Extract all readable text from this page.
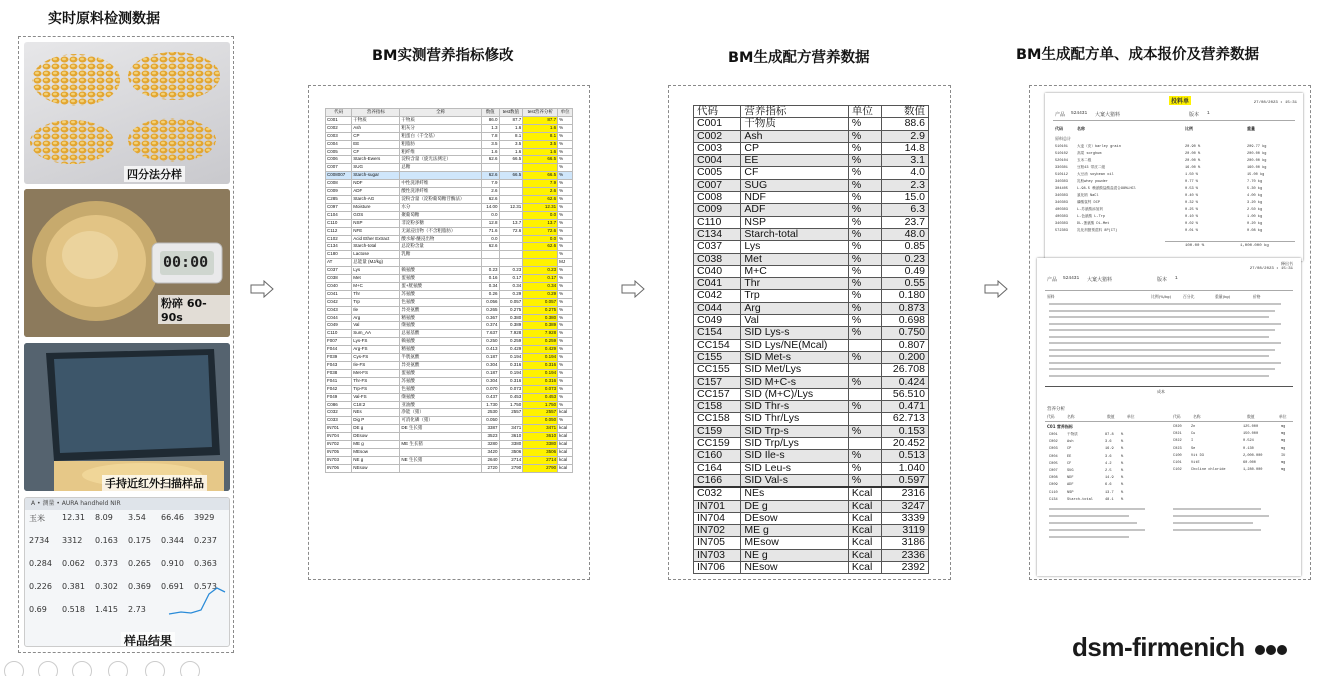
实时原料检测数据
BM实测营养指标修改	BM生成配方营养数据	BM生成配方单、成本报价及营养数据
四分法分样
00:00
粉碎 60-90s
手持近红外扫描样品
A • 测量 • AURA handheld NIR
玉米 12.31 8.09 3.54 66.46 3929
2734 3312 0.163 0.175 0.344 0.237
0.284 0.062 0.373 0.265 0.910 0.363
0.226 0.381 0.302 0.369 0.691 0.573
0.69 0.518 1.415 2.73
样品结果
代码	营养指标	全称	数值	test数值	test营养分析	单位
C001	干物质	干物质	86.0	87.7	87.7	%
C002	Ash	粗灰分	1.3	1.6	1.6	%
C003	CP	粗蛋白（千全基）	7.8	8.1	8.1	%
C004	EE	粗脂肪	3.5	3.5	3.5	%
C005	CF	粗纤维	1.6	1.6	1.6	%
C006	Starch-Ewers	淀粉含量（旋光法测定）	62.6	66.5	66.5	%
C007	SUG	总糖				%
C008007	Starch-sugar		62.6	66.5	66.5	%
C008	NDF	中性洗涤纤维	7.9		7.9	%
C009	ADF	酸性洗涤纤维	2.6		2.6	%
C285	Starch-AG	淀粉含量（淀粉葡萄糖苷酶法）	62.6		62.6	%
C097	Moisture	水分	14.00	12.31	12.31	%
C104	GOS	聚葡萄糖	0.0		0.0	%
C110	NSP	非淀粉多糖	12.8	13.7	13.7	%
C112	NFE	无氮浸出物（不含粗脂肪）	71.6	72.6	72.6	%
C102	Acid Ether Extract	酸水解-醚浸出物	0.0		0.0	%
C134	Starch-total	总淀粉含量	62.6		62.6	%
C180	Lactose	乳糖				%
AT	总能量 (MJ/kg)					MJ
C037	Lys	赖氨酸	0.23	0.23	0.23	%
C038	Met	蛋氨酸	0.16	0.17	0.17	%
C040	M+C	蛋+胱氨酸	0.34	0.34	0.34	%
C041	Thr	苏氨酸	0.26	0.29	0.29	%
C042	Trp	色氨酸	0.056	0.057	0.057	%
C043	Ile	异亮氨酸	0.265	0.275	0.275	%
C044	Arg	精氨酸	0.367	0.380	0.380	%
C049	Val	缬氨酸	0.374	0.389	0.389	%
C110	Sum_AA	总氨基酸	7.637	7.928	7.928	%
F007	Lys-FS	赖氨酸	0.250	0.259	0.259	%
F044	Arg-FS	精氨酸	0.413	0.429	0.429	%
F039	Cys-FS	半胱氨酸	0.187	0.194	0.194	%
F043	Ile-FS	异亮氨酸	0.304	0.316	0.316	%
F038	Met-FS	蛋氨酸	0.187	0.194	0.194	%
F041	Thr-FS	苏氨酸	0.304	0.316	0.316	%
F042	Trp-FS	色氨酸	0.070	0.073	0.073	%
F049	Val-FS	缬氨酸	0.437	0.453	0.453	%
C086	C18:2	亚油酸	1.730	1.750	1.750	%
C032	NEs	净能（猪）	2530	2557	2557	kcal
C033	Dig P	可消化磷（猪）	0.050		0.050	%
IN701	DE g	DE 生长猪	3387	3471	3471	kcal
IN704	DEsow		3523	3610	3610	kcal
IN702	ME g	ME 生长猪	3280	3380	3380	kcal
IN705	MEsow		3420	3506	3506	kcal
IN703	NE g	NE 生长猪	2640	2714	2714	kcal
IN706	NEsow		2720	2790	2790	kcal
代码	营养指标	单位	数值
C001	干物质	%	88.6
C002	Ash	%	2.9
C003	CP	%	14.8
C004	EE	%	3.1
C005	CF	%	4.0
C007	SUG	%	2.3
C008	NDF	%	15.0
C009	ADF	%	6.3
C110	NSP	%	23.7
C134	Starch-total	%	48.0
C037	Lys	%	0.85
C038	Met	%	0.23
C040	M+C	%	0.49
C041	Thr	%	0.55
C042	Trp	%	0.180
C044	Arg	%	0.873
C049	Val	%	0.698
C154	SID Lys-s	%	0.750
CC154	SID Lys/NE(Mcal)		0.807
C155	SID Met-s	%	0.200
CC155	SID Met/Lys		26.708
C157	SID M+C-s	%	0.424
CC157	SID (M+C)/Lys		56.510
C158	SID Thr-s	%	0.471
CC158	SID Thr/Lys		62.713
C159	SID Trp-s	%	0.153
CC159	SID Trp/Lys		20.452
C160	SID Ile-s	%	0.513
C164	SID Leu-s	%	1.040
C166	SID Val-s	%	0.597
C032	NEs	Kcal	2316
IN701	DE g	Kcal	3247
IN704	DEsow	Kcal	3339
IN702	ME g	Kcal	3119
IN705	MEsow	Kcal	3186
IN703	NE g	Kcal	2336
IN706	NEsow	Kcal	2392
投料单	27/08/2023 • 15:31
产品 524431 大窠大猪料	版本 1
代码	名称	比例	重量
原料总计
510101	大麦（皮）barley grain	20.90 %	209.77 kg
510102	高粱 sorghum	20.00 %	200.00 kg
520104	玉米二级	20.00 %	200.00 kg
330301	豆粕43 带皮二级	16.00 %	160.00 kg
510112	大豆油 soybean oil	1.50 %	15.00 kg
340303	乳粉whey powder	0.77 %	7.70 kg
304405	L-98.5 赖氨酸盐酸盐混合98%LHCl	0.53 %	5.30 kg
340303	氯化钠 NaCl	0.40 %	4.00 kg
340303	磷酸氢钙 DCP	0.32 %	3.20 kg
400303	L-苏氨酸添加剂	0.25 %	2.50 kg
400303	L-色氨酸 L-Trp	0.10 %	1.00 kg
340303	DL-蛋氨酸 DL-Met	0.02 %	0.20 kg
572303	乳化剂猪预混料 8P(CT)	0.01 %	0.08 kg
100.00 %	1,000.000 kg
释出书
27/08/2023 • 15:31
产品 524431 大窠大猪料	版本 1
原料	比例(%/kg)	百分比	重量(kg)	价格
成本
营养分析
代码	名称	数值	单位	代码	名称	数值	单位
C01 营养指标
C001	干物质	87.8 %
C002	Ash	3.6	%
C003	CP	16.9 %
C004	EE	3.6	%
C005	CF	4.2	%
C007	SUG	2.5	%
C008	NDF	14.9 %
C009	ADF	6.6	%
C110	NSP	13.7 %
C134	Starch-total	48.1 %
C020	Zn	125.000	mg
C021	Cu	150.000	mg
C022	I	0.524	mg
C023	Se	0.130	mg
C100	Vit D3	2,000.000	IU
C101	VitE	60.000	mg
C102	Choline chloride	1,280.000	mg
dsm-firmenich
